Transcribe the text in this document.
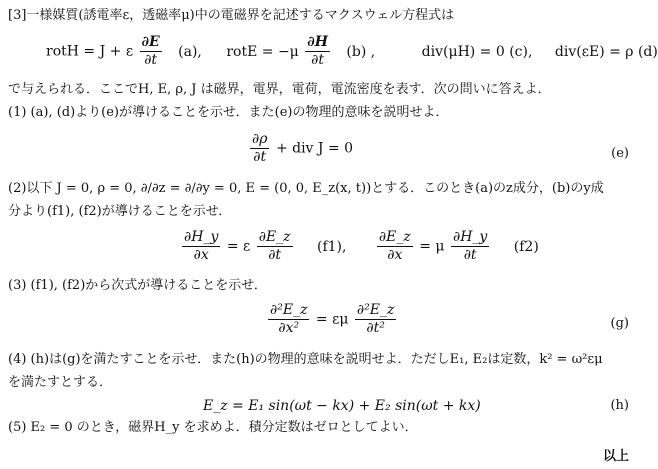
[3]一様媒質(誘電率ε，透磁率μ)中の電磁界を記述するマクスウェル方程式は
rotH = J + ε $\frac{\partial E}{\partial t} (a)$, rotE = $-\mu \frac{\partial H}{\partial t} (b)$ ,	div(μH) = 0 (c), div(εE) = ρ (d)
で与えられる．ここでH, E, ρ, J は磁界，電界，電荷，電流密度を表す．次の問いに答えよ．
(1) (a), (d)より(e)が導けることを示せ．また(e)の物理的意味を説明せよ．
$\frac{\partial\rho}{\partial t}$ + div J = 0	(e)
(2)以下 J = 0, ρ = 0, ∂/∂z = ∂/∂y = 0, E = (0, 0, E_z(x, t))とする．このとき(a)のz成分，(b)のy成
分より(f1), (f2)が導けることを示せ．
$\frac{\partial H\_y}{\partial x} = \varepsilon \frac{\partial E\_z}{\partial t} (f1)$, $\frac{\partial E\_z}{\partial x} = \mu \frac{\partial H\_y}{\partial t} (f2)$
(3) (f1), (f2)から次式が導けることを示せ．
$\frac{\text{∂²E\_z}}{\text{∂x²}} = \varepsilon\mu \frac{\text{∂²E\_z}}{\text{∂t²}}$	(g)
(4) (h)は(g)を満たすことを示せ．また(h)の物理的意味を説明せよ．ただしE₁, E₂は定数，k² = ω²εμ
を満たすとする．
E_z = E₁ sin(ωt − kx) + E₂ sin(ωt + kx)	(h)
(5) E₂ = 0 のとき，磁界H_y を求めよ．積分定数はゼロとしてよい．
以上
